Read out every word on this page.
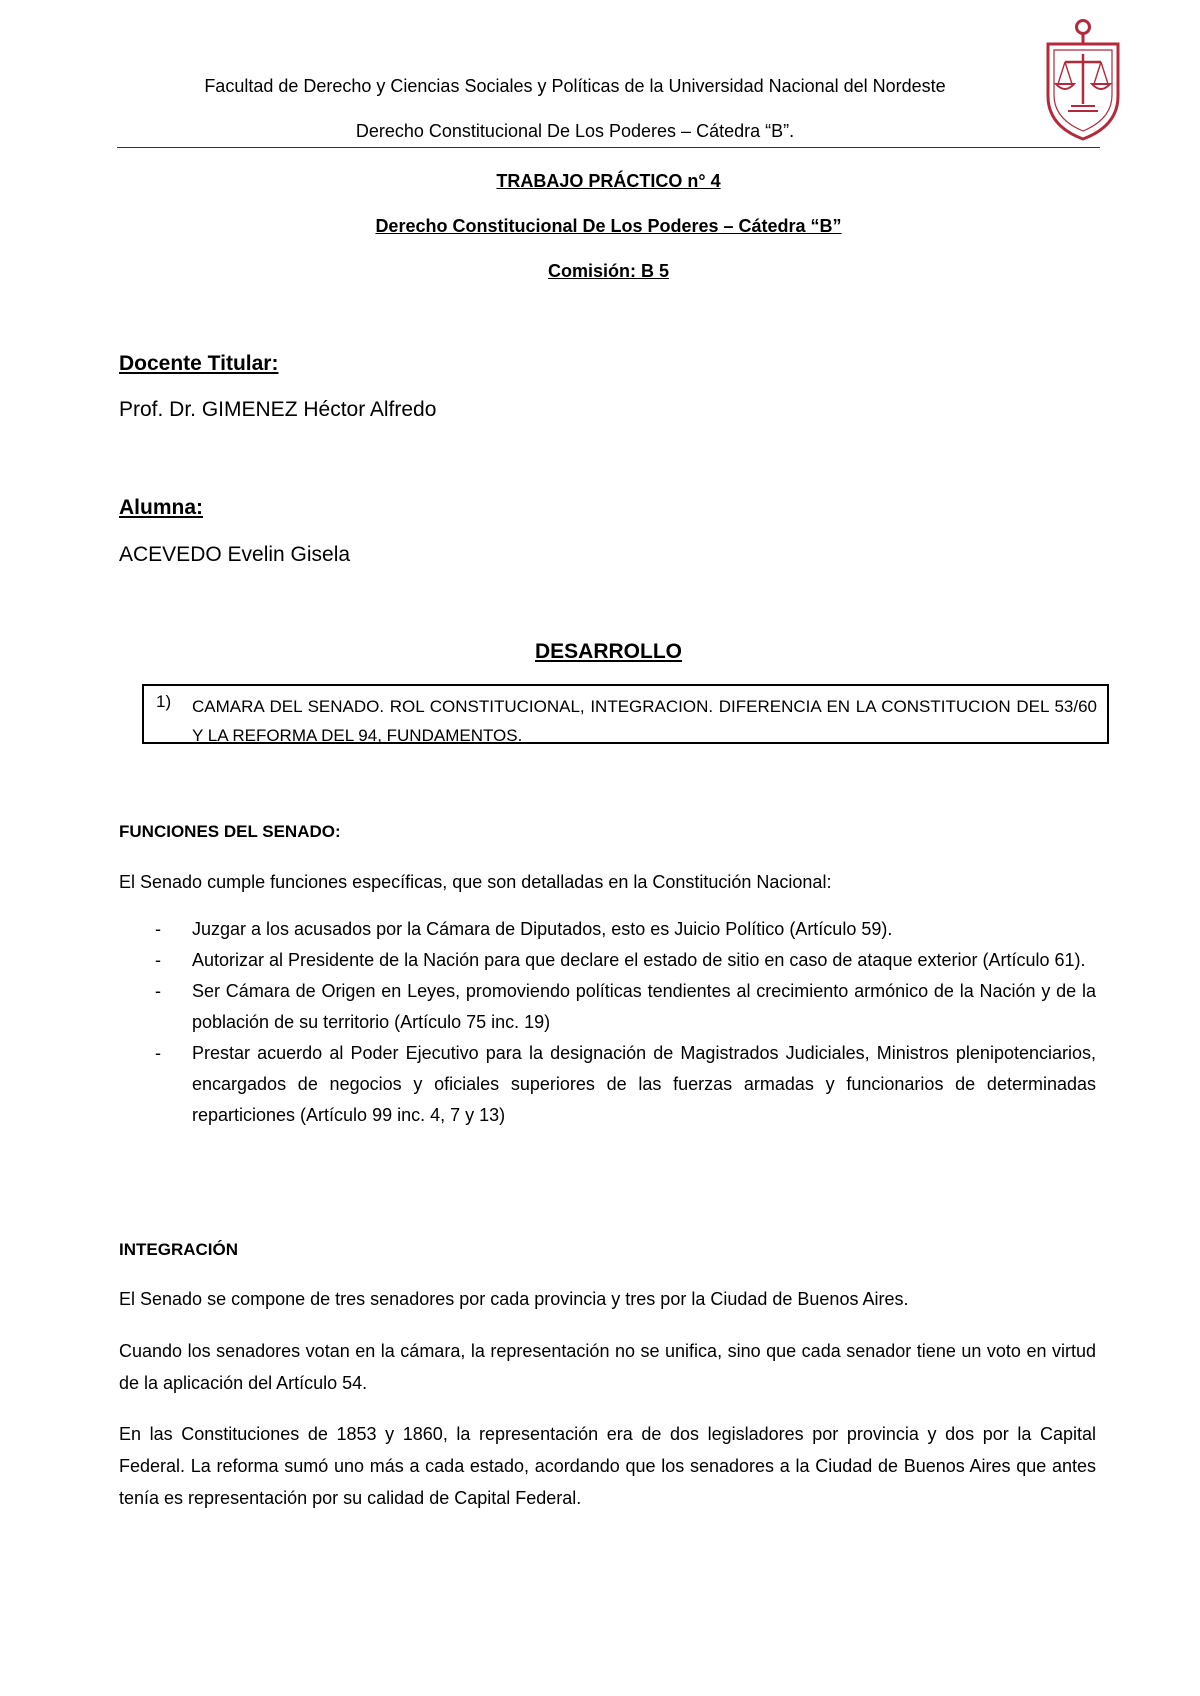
Facultad de Derecho y Ciencias Sociales y Políticas de la Universidad Nacional del Nordeste
Derecho Constitucional De Los Poderes – Cátedra “B”.
TRABAJO PRÁCTICO n° 4
Derecho Constitucional De Los Poderes – Cátedra “B”
Comisión: B 5
Docente Titular:
Prof. Dr. GIMENEZ Héctor Alfredo
Alumna:
ACEVEDO Evelin Gisela
DESARROLLO
1) CAMARA DEL SENADO. ROL CONSTITUCIONAL, INTEGRACION. DIFERENCIA EN LA CONSTITUCION DEL 53/60 Y LA REFORMA DEL 94, FUNDAMENTOS.
FUNCIONES DEL SENADO:
El Senado cumple funciones específicas, que son detalladas en la Constitución Nacional:
- Juzgar a los acusados por la Cámara de Diputados, esto es Juicio Político (Artículo 59).
- Autorizar al Presidente de la Nación para que declare el estado de sitio en caso de ataque exterior (Artículo 61).
- Ser Cámara de Origen en Leyes, promoviendo políticas tendientes al crecimiento armónico de la Nación y de la población de su territorio (Artículo 75 inc. 19)
- Prestar acuerdo al Poder Ejecutivo para la designación de Magistrados Judiciales, Ministros plenipotenciarios, encargados de negocios y oficiales superiores de las fuerzas armadas y funcionarios de determinadas reparticiones (Artículo 99 inc. 4, 7 y 13)
INTEGRACIÓN
El Senado se compone de tres senadores por cada provincia y tres por la Ciudad de Buenos Aires.
Cuando los senadores votan en la cámara, la representación no se unifica, sino que cada senador tiene un voto en virtud de la aplicación del Artículo 54.
En las Constituciones de 1853 y 1860, la representación era de dos legisladores por provincia y dos por la Capital Federal. La reforma sumó uno más a cada estado, acordando que los senadores a la Ciudad de Buenos Aires que antes tenía es representación por su calidad de Capital Federal.
